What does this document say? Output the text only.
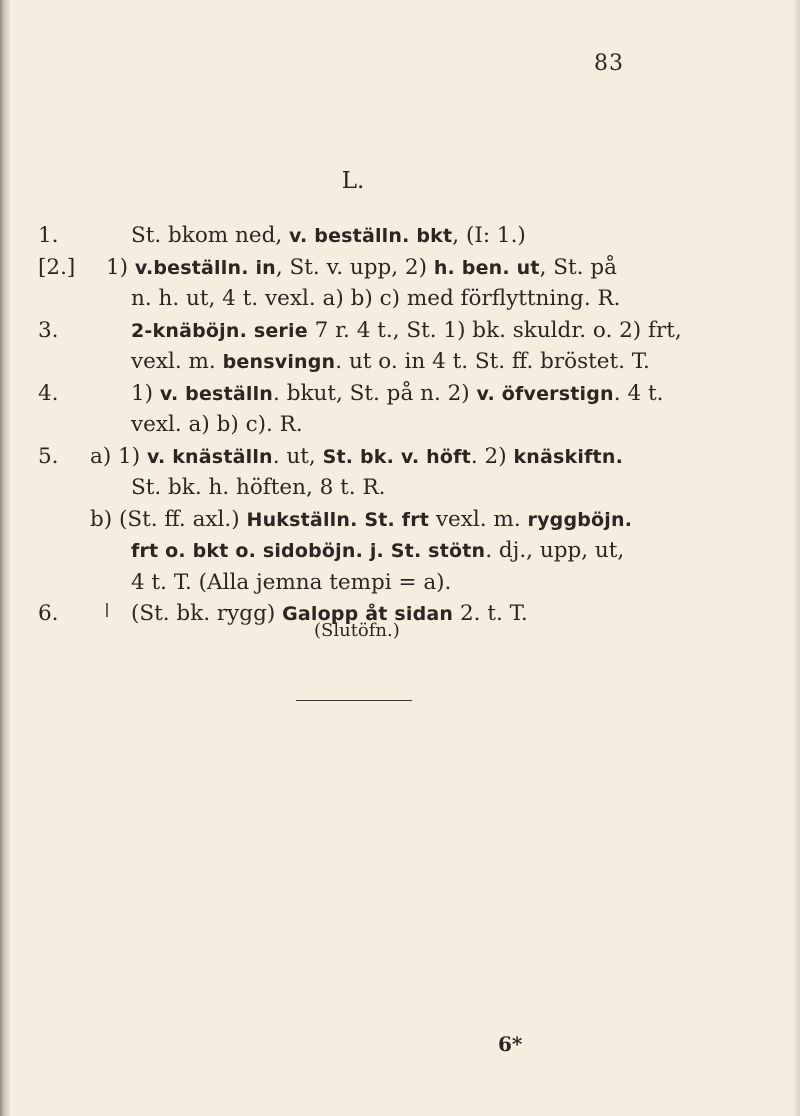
83
L.
1.	St. bkom ned, v. beställn. bkt, (I: 1.)
[2.] 1) v.beställn. in, St. v. upp, 2) h. ben. ut, St. på
n. h. ut, 4 t. vexl. a) b) c) med förflyttning. R.
3.	2-knäböjn. serie 7 r. 4 t., St. 1) bk. skuldr. o. 2) frt,
vexl. m. bensvingn. ut o. in 4 t. St. ff. bröstet. T.
4.	1) v. beställn. bkut, St. på n. 2) v. öfverstign. 4 t.
vexl. a) b) c). R.
5. a) 1) v. knäställn. ut, St. bk. v. höft. 2) knäskiftn.
St. bk. h. höften, 8 t. R.
b) (St. ff. axl.) Hukställn. St. frt vexl. m. ryggböjn.
frt o. bkt o. sidoböjn. j. St. stötn. dj., upp, ut,
4 t. T. (Alla jemna tempi = a).
6.	(St. bk. rygg) Galopp åt sidan 2. t. T.
(Slutöfn.)
6*
